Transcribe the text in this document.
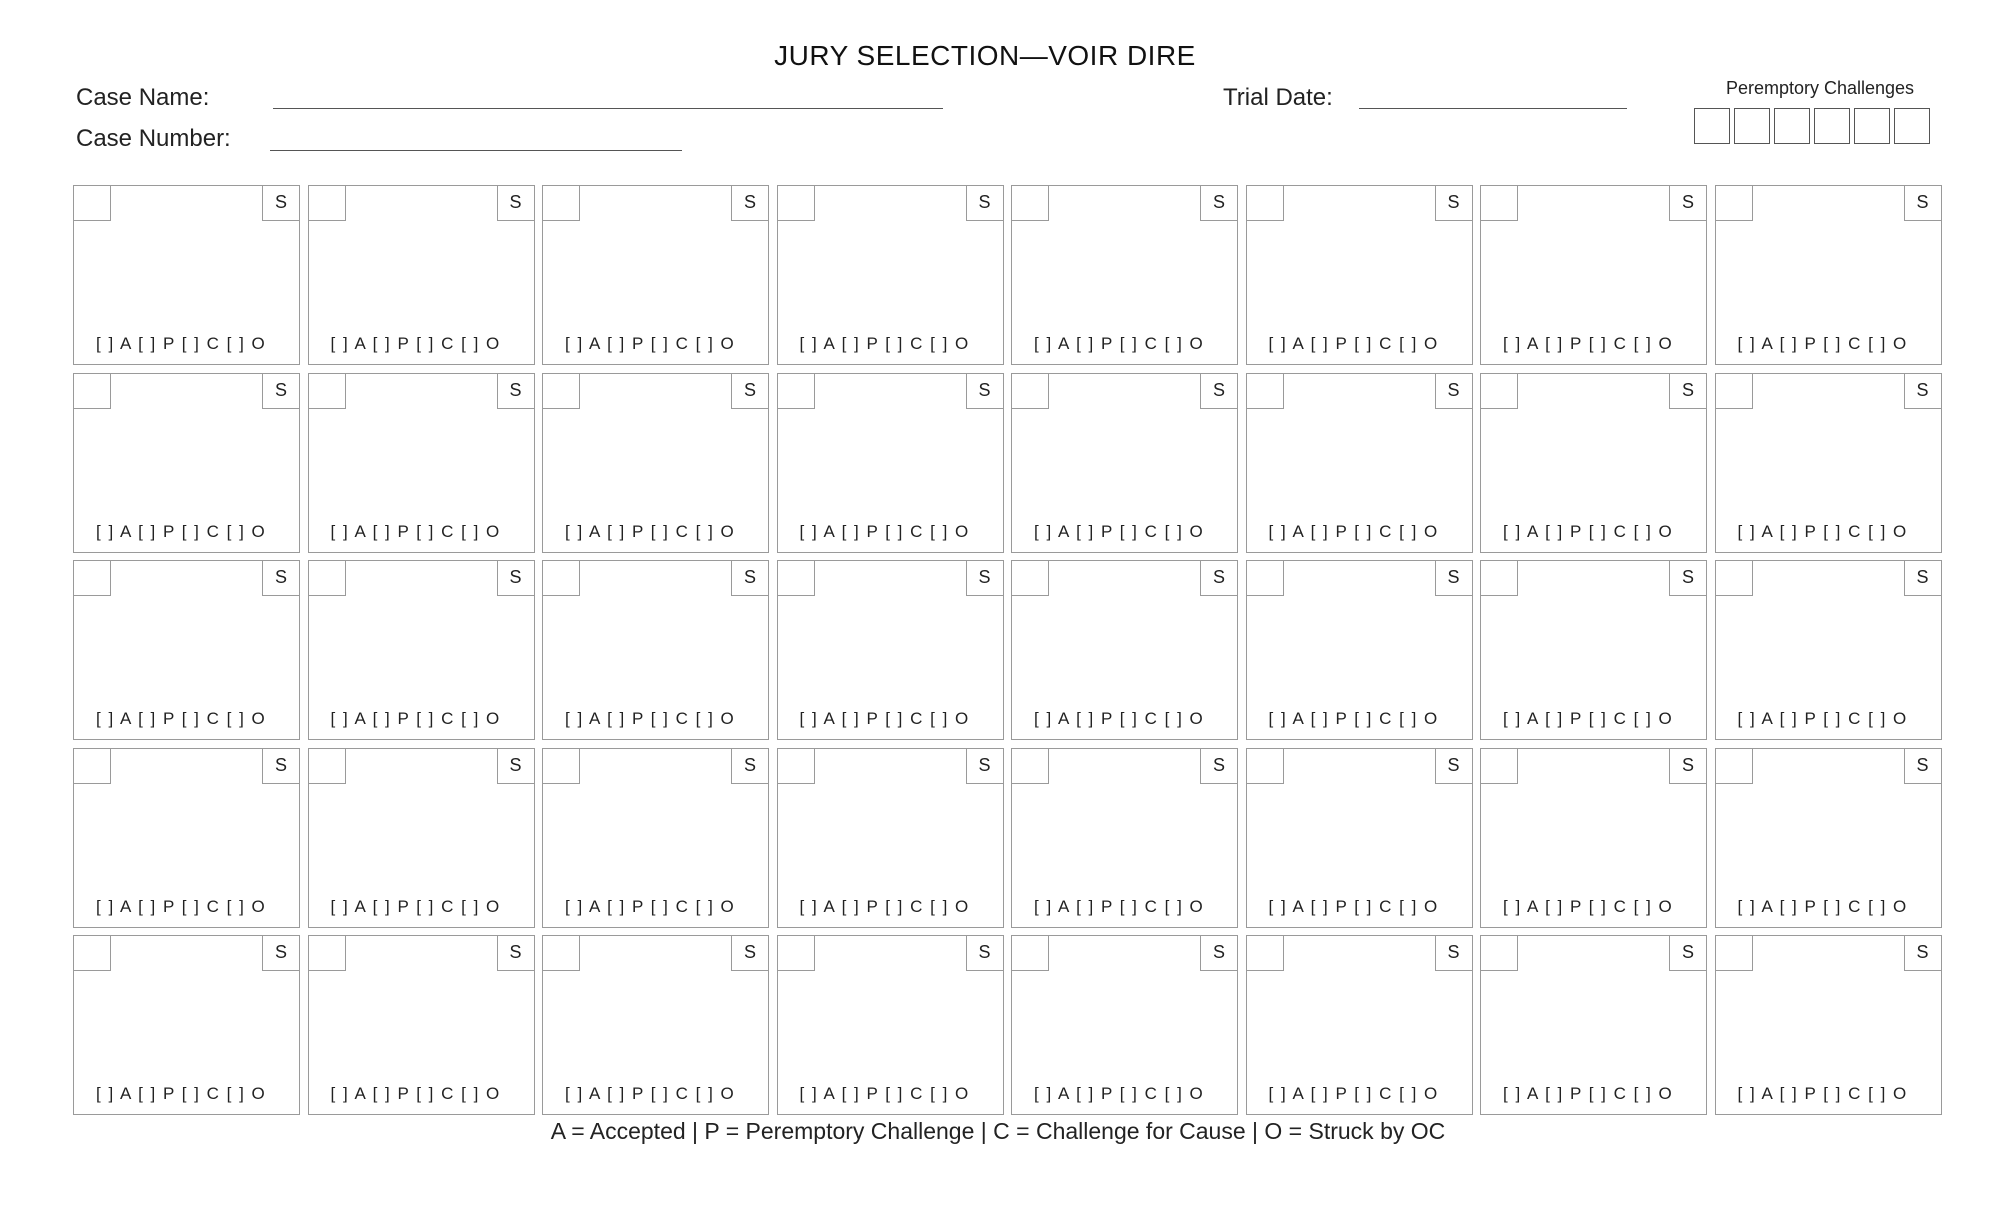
JURY SELECTION—VOIR DIRE
Case Name:
Case Number:
Trial Date:	Peremptory Challenges
S
[ ] A [ ] P [ ] C [ ] O
S
[ ] A [ ] P [ ] C [ ] O
S
[ ] A [ ] P [ ] C [ ] O
S
[ ] A [ ] P [ ] C [ ] O
S
[ ] A [ ] P [ ] C [ ] O
S
[ ] A [ ] P [ ] C [ ] O
S
[ ] A [ ] P [ ] C [ ] O
S
[ ] A [ ] P [ ] C [ ] O
S
[ ] A [ ] P [ ] C [ ] O
S
[ ] A [ ] P [ ] C [ ] O
S
[ ] A [ ] P [ ] C [ ] O
S
[ ] A [ ] P [ ] C [ ] O
S
[ ] A [ ] P [ ] C [ ] O
S
[ ] A [ ] P [ ] C [ ] O
S
[ ] A [ ] P [ ] C [ ] O
S
[ ] A [ ] P [ ] C [ ] O
S
[ ] A [ ] P [ ] C [ ] O
S
[ ] A [ ] P [ ] C [ ] O
S
[ ] A [ ] P [ ] C [ ] O
S
[ ] A [ ] P [ ] C [ ] O
S
[ ] A [ ] P [ ] C [ ] O
S
[ ] A [ ] P [ ] C [ ] O
S
[ ] A [ ] P [ ] C [ ] O
S
[ ] A [ ] P [ ] C [ ] O
S
[ ] A [ ] P [ ] C [ ] O
S
[ ] A [ ] P [ ] C [ ] O
S
[ ] A [ ] P [ ] C [ ] O
S
[ ] A [ ] P [ ] C [ ] O
S
[ ] A [ ] P [ ] C [ ] O
S
[ ] A [ ] P [ ] C [ ] O
S
[ ] A [ ] P [ ] C [ ] O
S
[ ] A [ ] P [ ] C [ ] O
S
[ ] A [ ] P [ ] C [ ] O
S
[ ] A [ ] P [ ] C [ ] O
S
[ ] A [ ] P [ ] C [ ] O
S
[ ] A [ ] P [ ] C [ ] O
S
[ ] A [ ] P [ ] C [ ] O
S
[ ] A [ ] P [ ] C [ ] O
S
[ ] A [ ] P [ ] C [ ] O
S
[ ] A [ ] P [ ] C [ ] O
A = Accepted | P = Peremptory Challenge | C = Challenge for Cause | O = Struck by OC
